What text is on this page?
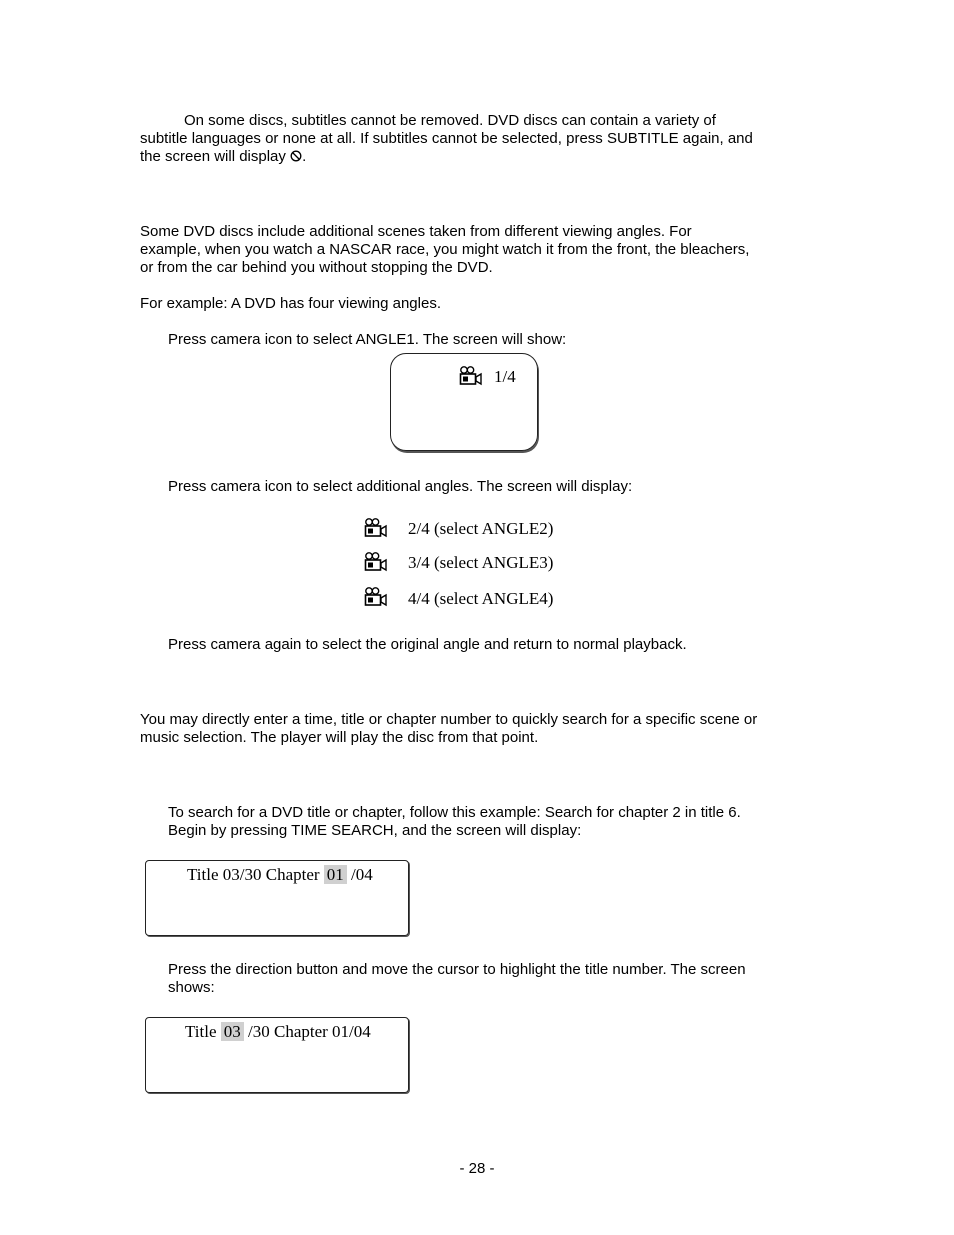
On some discs, subtitles cannot be removed. DVD discs can contain a variety of
subtitle languages or none at all. If subtitles cannot be selected, press SUBTITLE again, and
the screen will display .
Some DVD discs include additional scenes taken from different viewing angles. For
example, when you watch a NASCAR race, you might watch it from the front, the bleachers,
or from the car behind you without stopping the DVD.
For example: A DVD has four viewing angles.
Press camera icon to select ANGLE1. The screen will show:
1/4
Press camera icon to select additional angles. The screen will display:
2/4 (select ANGLE2)
3/4 (select ANGLE3)
4/4 (select ANGLE4)
Press camera again to select the original angle and return to normal playback.
You may directly enter a time, title or chapter number to quickly search for a specific scene or
music selection. The player will play the disc from that point.
To search for a DVD title or chapter, follow this example: Search for chapter 2 in title 6.
Begin by pressing TIME SEARCH, and the screen will display:
Title 03/30 Chapter 01 /04
Press the direction button and move the cursor to highlight the title number. The screen
shows:
Title 03 /30 Chapter 01/04
- 28 -
